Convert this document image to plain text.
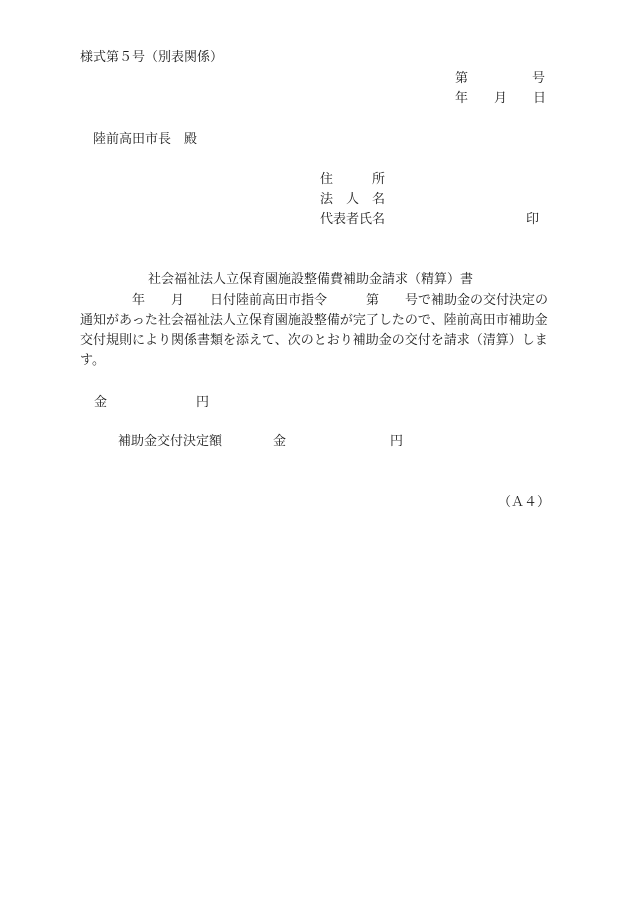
様式第５号（別表関係）
第	号
年 月 日
陸前高田市長　殿
住　　　所
法　人　名
代表者氏名	印
社会福祉法人立保育園施設整備費補助金請求（精算）書
　　　　年　　月　　日付陸前高田市指令　　　第　　号で補助金の交付決定の
通知があった社会福祉法人立保育園施設整備が完了したので、陸前高田市補助金
交付規則により関係書類を添えて、次のとおり補助金の交付を請求（清算）しま
す。
金	円
補助金交付決定額	金	円
（Ａ４）
